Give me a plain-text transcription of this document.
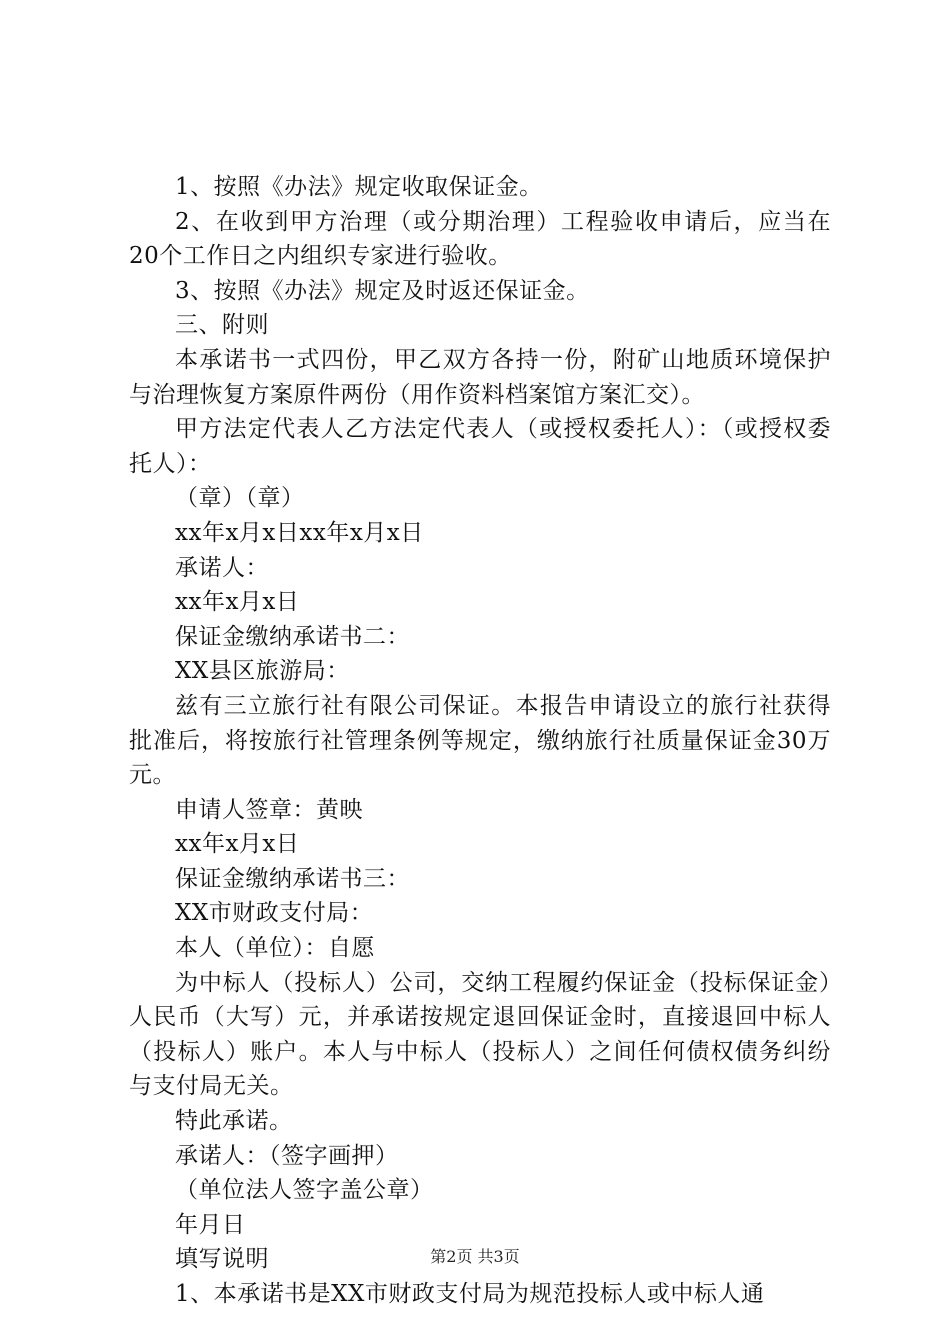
1、按照《办法》规定收取保证金。

2、在收到甲方治理（或分期治理）工程验收申请后，应当在20个工作日之内组织专家进行验收。

3、按照《办法》规定及时返还保证金。

三、附则

本承诺书一式四份，甲乙双方各持一份，附矿山地质环境保护与治理恢复方案原件两份（用作资料档案馆方案汇交）。

甲方法定代表人乙方法定代表人（或授权委托人）：（或授权委托人）：

（章）（章）

xx年x月x日xx年x月x日

承诺人：

xx年x月x日

保证金缴纳承诺书二：

XX县区旅游局：

兹有三立旅行社有限公司保证。本报告申请设立的旅行社获得批准后，将按旅行社管理条例等规定，缴纳旅行社质量保证金30万元。

申请人签章：黄映

xx年x月x日

保证金缴纳承诺书三：

XX市财政支付局：

本人（单位）：自愿

为中标人（投标人）公司，交纳工程履约保证金（投标保证金）人民币（大写）元，并承诺按规定退回保证金时，直接退回中标人（投标人）账户。本人与中标人（投标人）之间任何债权债务纠纷与支付局无关。

特此承诺。

承诺人：（签字画押）

（单位法人签字盖公章）

年月日

填写说明

1、本承诺书是XX市财政支付局为规范投标人或中标人通

第2页 共3页
